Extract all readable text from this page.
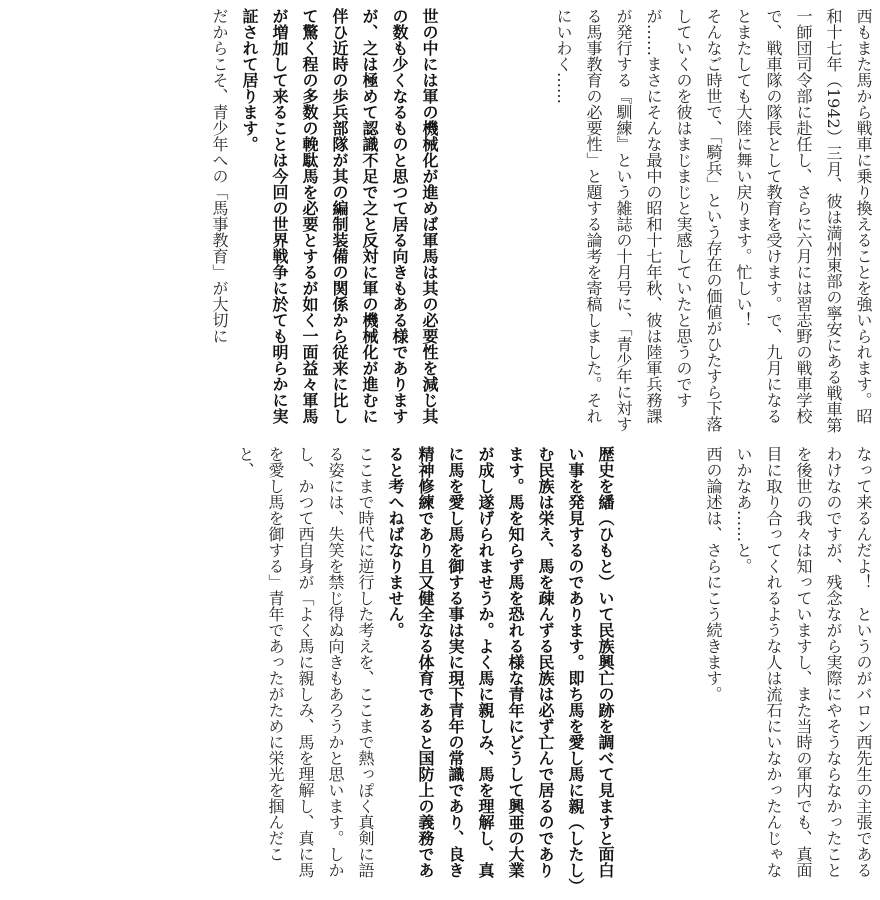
西もまた馬から戦車に乗り換えることを強いられます。昭和十七年（1942）三月、彼は満州東部の寧安にある戦車第一師団司令部に赴任し、さらに六月には習志野の戦車学校で、戦車隊の隊長として教育を受けます。で、九月になるとまたしても大陸に舞い戻ります。忙しい！

そんなご時世で、「騎兵」という存在の価値がひたすら下落していくのを彼はまじまじと実感していたと思うのですが……まさにそんな最中の昭和十七年秋、彼は陸軍兵務課が発行する『馴練』という雑誌の十月号に、「青少年に対する馬事教育の必要性」と題する論考を寄稿しました。それにいわく……

世の中には軍の機械化が進めば軍馬は其の必要性を減じ其の数も少くなるものと思つて居る向きもある様でありますが、之は極めて認識不足で之と反対に軍の機械化が進むに伴ひ近時の歩兵部隊が其の編制装備の関係から従来に比して驚く程の多数の輓駄馬を必要とするが如く一面益々軍馬が増加して来ることは今回の世界戦争に於ても明らかに実証されて居ります。

だからこそ、青少年への「馬事教育」が大切に

なって来るんだよ！　というのがバロン西先生の主張であるわけなのですが、残念ながら実際にやそうならなかったことを後世の我々は知っていますし、また当時の軍内でも、真面目に取り合ってくれるような人は流石にいなかったんじゃないかなあ……と。

西の論述は、さらにこう続きます。

歴史を繙（ひもと）いて民族興亡の跡を調べて見ますと面白い事を発見するのであります。即ち馬を愛し馬に親（したし）む民族は栄え、馬を疎んずる民族は必ず亡んで居るのであります。馬を知らず馬を恐れる様な青年にどうして興亜の大業が成し遂げられませうか。よく馬に親しみ、馬を理解し、真に馬を愛し馬を御する事は実に現下青年の常識であり、良き精神修練であり且又健全なる体育であると国防上の義務であると考へねばなりません。

ここまで時代に逆行した考えを、ここまで熱っぽく真剣に語る姿には、失笑を禁じ得ぬ向きもあろうかと思います。しかし、かつて西自身が「よく馬に親しみ、馬を理解し、真に馬を愛し馬を御する」青年であったがために栄光を掴んだこと、
